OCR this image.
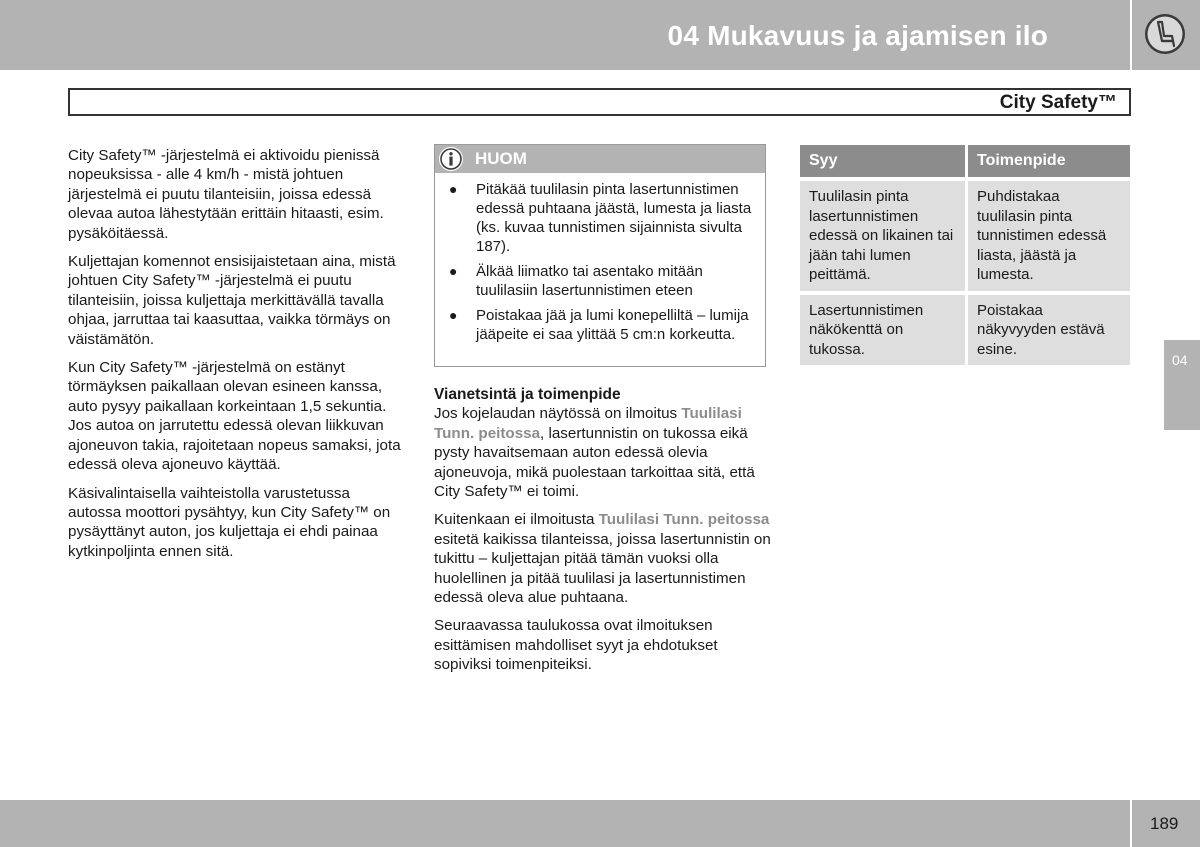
04 Mukavuus ja ajamisen ilo
City Safety™

City Safety™ -järjestelmä ei aktivoidu pienissä nopeuksissa - alle 4 km/h - mistä johtuen järjestelmä ei puutu tilanteisiin, joissa edessä olevaa autoa lähestytään erittäin hitaasti, esim. pysäköitäessä.

Kuljettajan komennot ensisijaistetaan aina, mistä johtuen City Safety™ -järjestelmä ei puutu tilanteisiin, joissa kuljettaja merkittävällä tavalla ohjaa, jarruttaa tai kaasuttaa, vaikka törmäys on väistämätön.

Kun City Safety™ -järjestelmä on estänyt törmäyksen paikallaan olevan esineen kanssa, auto pysyy paikallaan korkeintaan 1,5 sekuntia. Jos autoa on jarrutettu edessä olevan liikkuvan ajoneuvon takia, rajoitetaan nopeus samaksi, jota edessä oleva ajoneuvo käyttää.

Käsivalintaisella vaihteistolla varustetussa autossa moottori pysähtyy, kun City Safety™ on pysäyttänyt auton, jos kuljettaja ei ehdi painaa kytkinpoljinta ennen sitä.

HUOM
● Pitäkää tuulilasin pinta lasertunnistimen edessä puhtaana jäästä, lumesta ja liasta (ks. kuvaa tunnistimen sijainnista sivulta 187).
● Älkää liimatko tai asentako mitään tuulilasiin lasertunnistimen eteen
● Poistakaa jää ja lumi konepelliltä – lumija jääpeite ei saa ylittää 5 cm:n korkeutta.
Vianetsintä ja toimenpide

Jos kojelaudan näytössä on ilmoitus Tuulilasi Tunn. peitossa, lasertunnistin on tukossa eikä pysty havaitsemaan auton edessä olevia ajoneuvoja, mikä puolestaan tarkoittaa sitä, että City Safety™ ei toimi.

Kuitenkaan ei ilmoitusta Tuulilasi Tunn. peitossa esitetä kaikissa tilanteissa, joissa lasertunnistin on tukittu – kuljettajan pitää tämän vuoksi olla huolellinen ja pitää tuulilasi ja lasertunnistimen edessä oleva alue puhtaana.

Seuraavassa taulukossa ovat ilmoituksen esittämisen mahdolliset syyt ja ehdotukset sopiviksi toimenpiteiksi.

Syy	Toimenpide
Tuulilasin pinta lasertunnistimen edessä on likainen tai jään tahi lumen peittämä.	Puhdistakaa tuulilasin pinta tunnistimen edessä liasta, jäästä ja lumesta.
Lasertunnistimen näkökenttä on tukossa.	Poistakaa näkyvyyden estävä esine.
04
189
